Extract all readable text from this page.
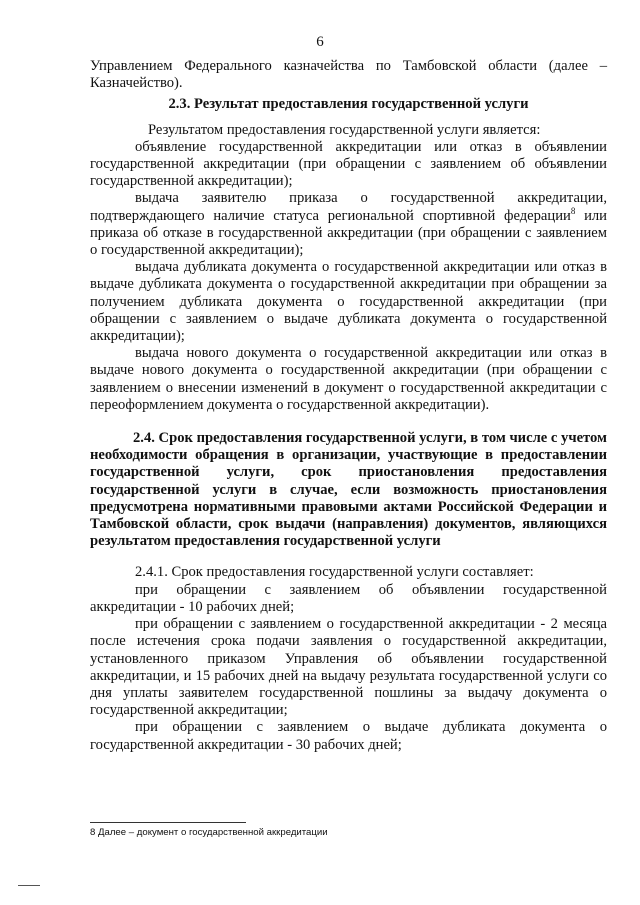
6

Управлением Федерального казначейства по Тамбовской области (далее – Казначейство).

2.3. Результат предоставления государственной услуги

Результатом предоставления государственной услуги является:

объявление государственной аккредитации или отказ в объявлении государственной аккредитации (при обращении с заявлением об объявлении государственной аккредитации);

выдача заявителю приказа о государственной аккредитации, подтверждающего наличие статуса региональной спортивной федерации$^8$ или приказа об отказе в государственной аккредитации (при обращении с заявлением о государственной аккредитации);

выдача дубликата документа о государственной аккредитации или отказ в выдаче дубликата документа о государственной аккредитации при обращении за получением дубликата документа о государственной аккредитации (при обращении с заявлением о выдаче дубликата документа о государственной аккредитации);

выдача нового документа о государственной аккредитации или отказ в выдаче нового документа о государственной аккредитации (при обращении с заявлением о внесении изменений в документ о государственной аккредитации с переоформлением документа о государственной аккредитации).

2.4. Срок предоставления государственной услуги, в том числе с учетом необходимости обращения в организации, участвующие в предоставлении государственной услуги, срок приостановления предоставления государственной услуги в случае, если возможность приостановления предусмотрена нормативными правовыми актами Российской Федерации и Тамбовской области, срок выдачи (направления) документов, являющихся результатом предоставления государственной услуги

2.4.1. Срок предоставления государственной услуги составляет:

при обращении с заявлением об объявлении государственной аккредитации - 10 рабочих дней;

при обращении с заявлением о государственной аккредитации - 2 месяца после истечения срока подачи заявления о государственной аккредитации, установленного приказом Управления об объявлении государственной аккредитации, и 15 рабочих дней на выдачу результата государственной услуги со дня уплаты заявителем государственной пошлины за выдачу документа о государственной аккредитации;

при обращении с заявлением о выдаче дубликата документа о государственной аккредитации - 30 рабочих дней;

8 Далее – документ о государственной аккредитации
